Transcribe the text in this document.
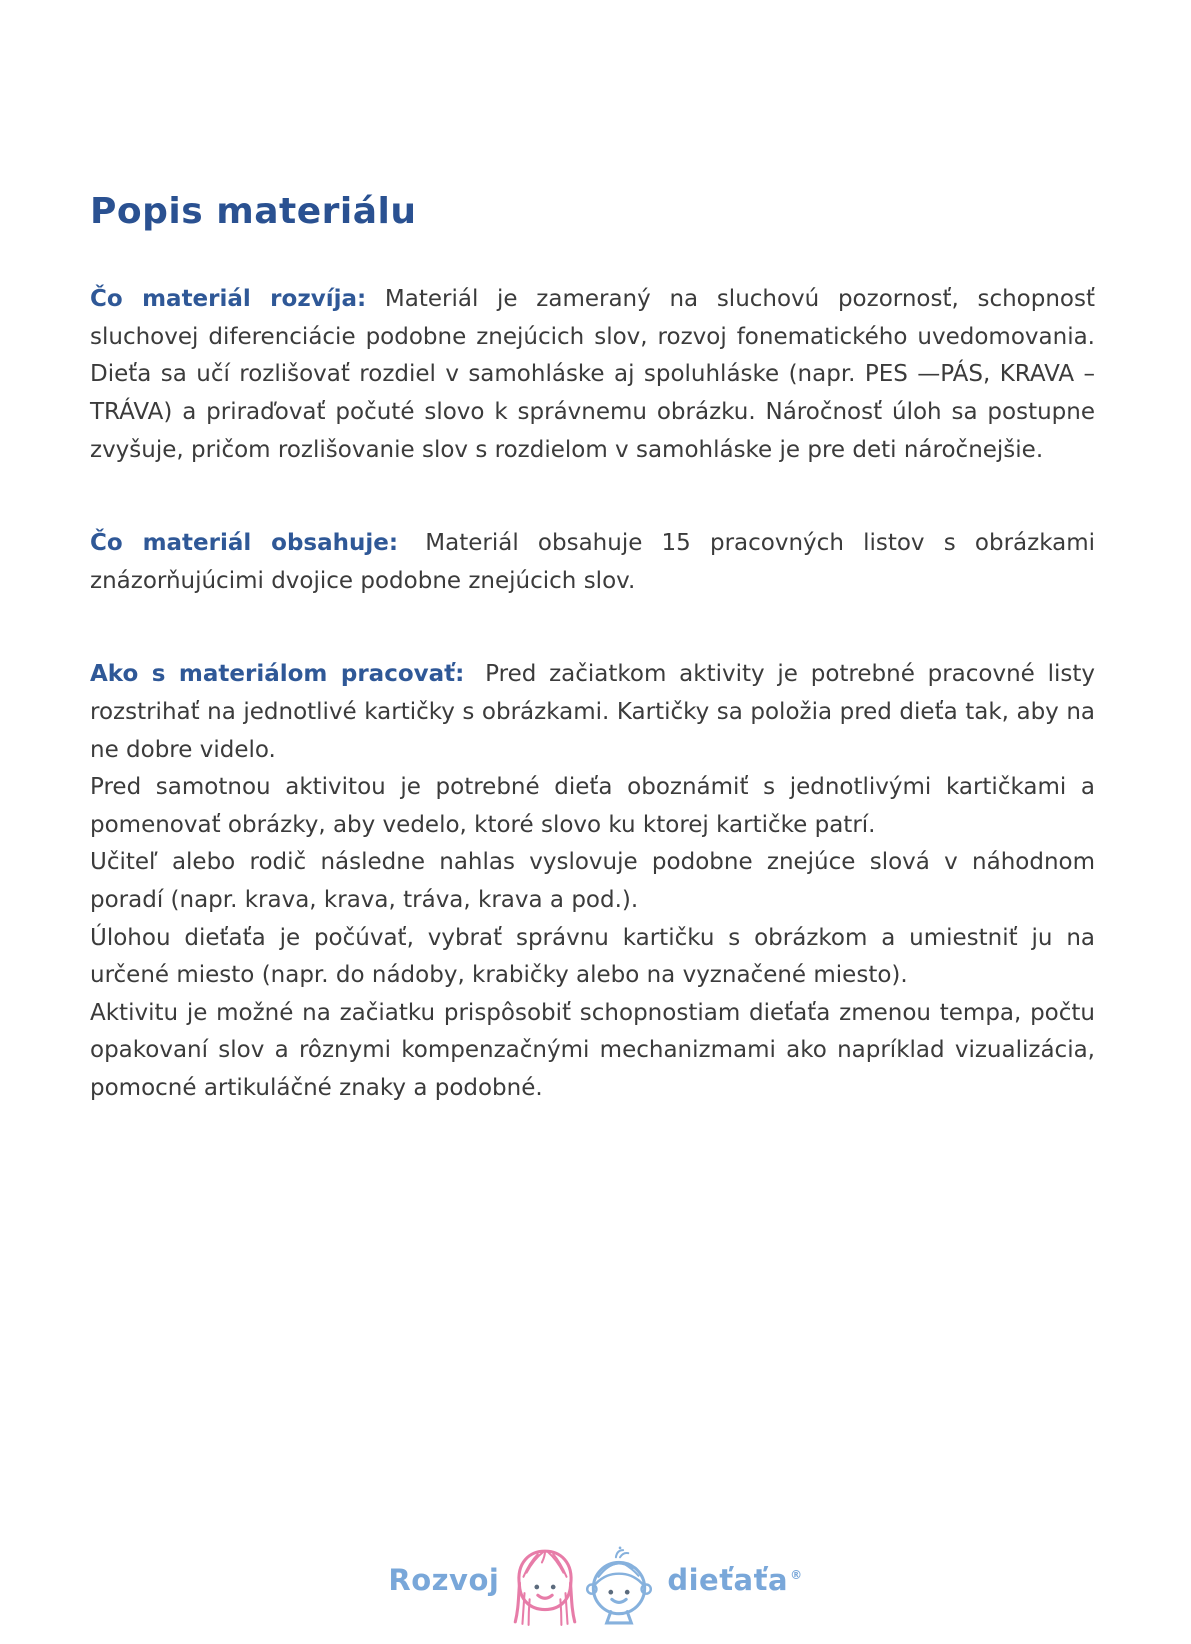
Popis materiálu

Čo materiál rozvíja: Materiál je zameraný na sluchovú pozornosť, schopnosť sluchovej diferenciácie podobne znejúcich slov, rozvoj fonematického uvedomovania. Dieťa sa učí rozlišovať rozdiel v samohláske aj spoluhláske (napr. PES —PÁS, KRAVA – TRÁVA) a priraďovať počuté slovo k správnemu obrázku. Náročnosť úloh sa postupne zvyšuje, pričom rozlišovanie slov s rozdielom v samohláske je pre deti náročnejšie.

Čo materiál obsahuje: Materiál obsahuje 15 pracovných listov s obrázkami znázorňujúcimi dvojice podobne znejúcich slov.

Ako s materiálom pracovať: Pred začiatkom aktivity je potrebné pracovné listy rozstrihať na jednotlivé kartičky s obrázkami. Kartičky sa položia pred dieťa tak, aby na ne dobre videlo.

Pred samotnou aktivitou je potrebné dieťa oboznámiť s jednotlivými kartičkami a pomenovať obrázky, aby vedelo, ktoré slovo ku ktorej kartičke patrí.

Učiteľ alebo rodič následne nahlas vyslovuje podobne znejúce slová v náhodnom poradí (napr. krava, krava, tráva, krava a pod.).

Úlohou dieťaťa je počúvať, vybrať správnu kartičku s obrázkom a umiestniť ju na určené miesto (napr. do nádoby, krabičky alebo na vyznačené miesto).

Aktivitu je možné na začiatku prispôsobiť schopnostiam dieťaťa zmenou tempa, počtu opakovaní slov a rôznymi kompenzačnými mechanizmami ako napríklad vizualizácia, pomocné artikuláčné znaky a podobné.

Rozvoj	dieťaťa ®
